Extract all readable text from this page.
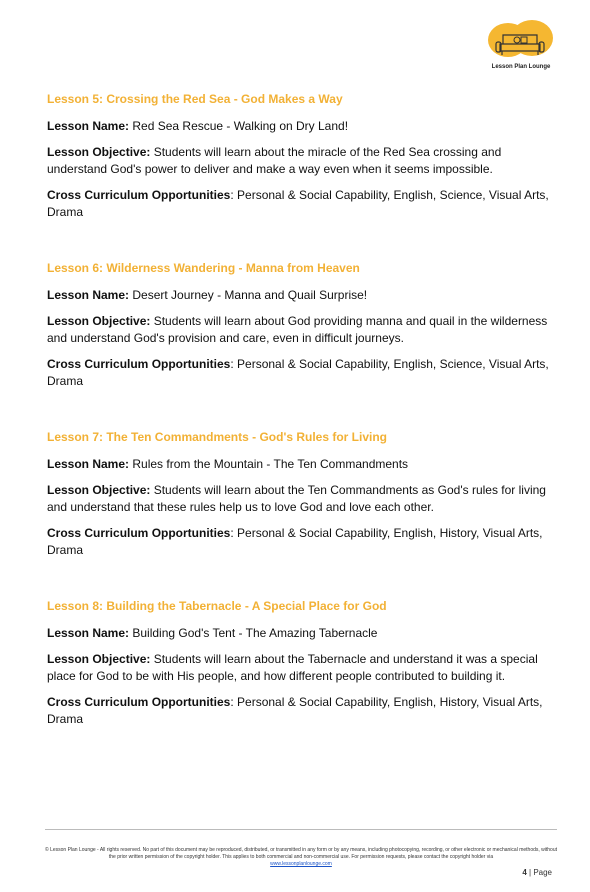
Lesson Plan Lounge
Lesson 5: Crossing the Red Sea - God Makes a Way

Lesson Name: Red Sea Rescue - Walking on Dry Land!

Lesson Objective: Students will learn about the miracle of the Red Sea crossing and understand God's power to deliver and make a way even when it seems impossible.

Cross Curriculum Opportunities: Personal & Social Capability, English, Science, Visual Arts, Drama

Lesson 6: Wilderness Wandering - Manna from Heaven

Lesson Name: Desert Journey - Manna and Quail Surprise!

Lesson Objective: Students will learn about God providing manna and quail in the wilderness and understand God's provision and care, even in difficult journeys.

Cross Curriculum Opportunities: Personal & Social Capability, English, Science, Visual Arts, Drama

Lesson 7: The Ten Commandments - God's Rules for Living

Lesson Name: Rules from the Mountain - The Ten Commandments

Lesson Objective: Students will learn about the Ten Commandments as God's rules for living and understand that these rules help us to love God and love each other.

Cross Curriculum Opportunities: Personal & Social Capability, English, History, Visual Arts, Drama

Lesson 8: Building the Tabernacle - A Special Place for God

Lesson Name: Building God's Tent - The Amazing Tabernacle

Lesson Objective: Students will learn about the Tabernacle and understand it was a special place for God to be with His people, and how different people contributed to building it.

Cross Curriculum Opportunities: Personal & Social Capability, English, History, Visual Arts, Drama

© Lesson Plan Lounge - All rights reserved. No part of this document may be reproduced, distributed, or transmitted in any form or by any means, including photocopying, recording, or other electronic or mechanical methods, without the prior written permission of the copyright holder. This applies to both commercial and non-commercial use. For permission requests, please contact the copyright holder via
www.lessonplanlounge.com
4 | Page
